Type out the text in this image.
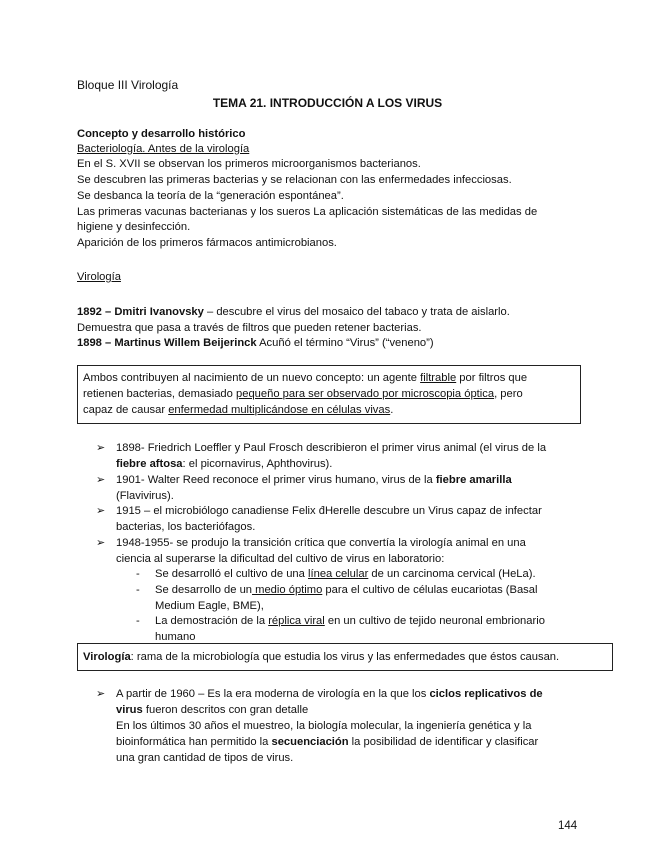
Bloque III Virología
TEMA 21. INTRODUCCIÓN A LOS VIRUS
Concepto y desarrollo histórico
Bacteriología. Antes de la virología
En el S. XVII se observan los primeros microorganismos bacterianos.
Se descubren las primeras bacterias y se relacionan con las enfermedades infecciosas.
Se desbanca la teoría de la “generación espontánea”.
Las primeras vacunas bacterianas y los sueros La aplicación sistemáticas de las medidas de
higiene y desinfección.
Aparición de los primeros fármacos antimicrobianos.
Virología
1892 – Dmitri Ivanovsky – descubre el virus del mosaico del tabaco y trata de aislarlo.
Demuestra que pasa a través de filtros que pueden retener bacterias.
1898 – Martinus Willem Beijerinck Acuñó el término “Virus” (“veneno”)
Ambos contribuyen al nacimiento de un nuevo concepto: un agente filtrable por filtros que
retienen bacterias, demasiado pequeño para ser observado por microscopia óptica, pero
capaz de causar enfermedad multiplicándose en células vivas.
➢ 1898- Friedrich Loeffler y Paul Frosch describieron el primer virus animal (el virus de la
fiebre aftosa: el picornavirus, Aphthovirus).
➢ 1901- Walter Reed reconoce el primer virus humano, virus de la fiebre amarilla
(Flavivirus).
➢ 1915 – el microbiólogo canadiense Felix d́Herelle descubre un Virus capaz de infectar
bacterias, los bacteriófagos.
➢ 1948-1955- se produjo la transición crítica que convertía la virología animal en una
ciencia al superarse la dificultad del cultivo de virus en laboratorio:
- Se desarrolló el cultivo de una línea celular de un carcinoma cervical (HeLa).
- Se desarrollo de un medio óptimo para el cultivo de células eucariotas (Basal
Medium Eagle, BME),
- La demostración de la réplica viral en un cultivo de tejido neuronal embrionario
humano
Virología: rama de la microbiología que estudia los virus y las enfermedades que éstos causan.
➢ A partir de 1960 – Es la era moderna de virología en la que los ciclos replicativos de
virus fueron descritos con gran detalle
En los últimos 30 años el muestreo, la biología molecular, la ingeniería genética y la
bioinformática han permitido la secuenciación la posibilidad de identificar y clasificar
una gran cantidad de tipos de virus.
144
